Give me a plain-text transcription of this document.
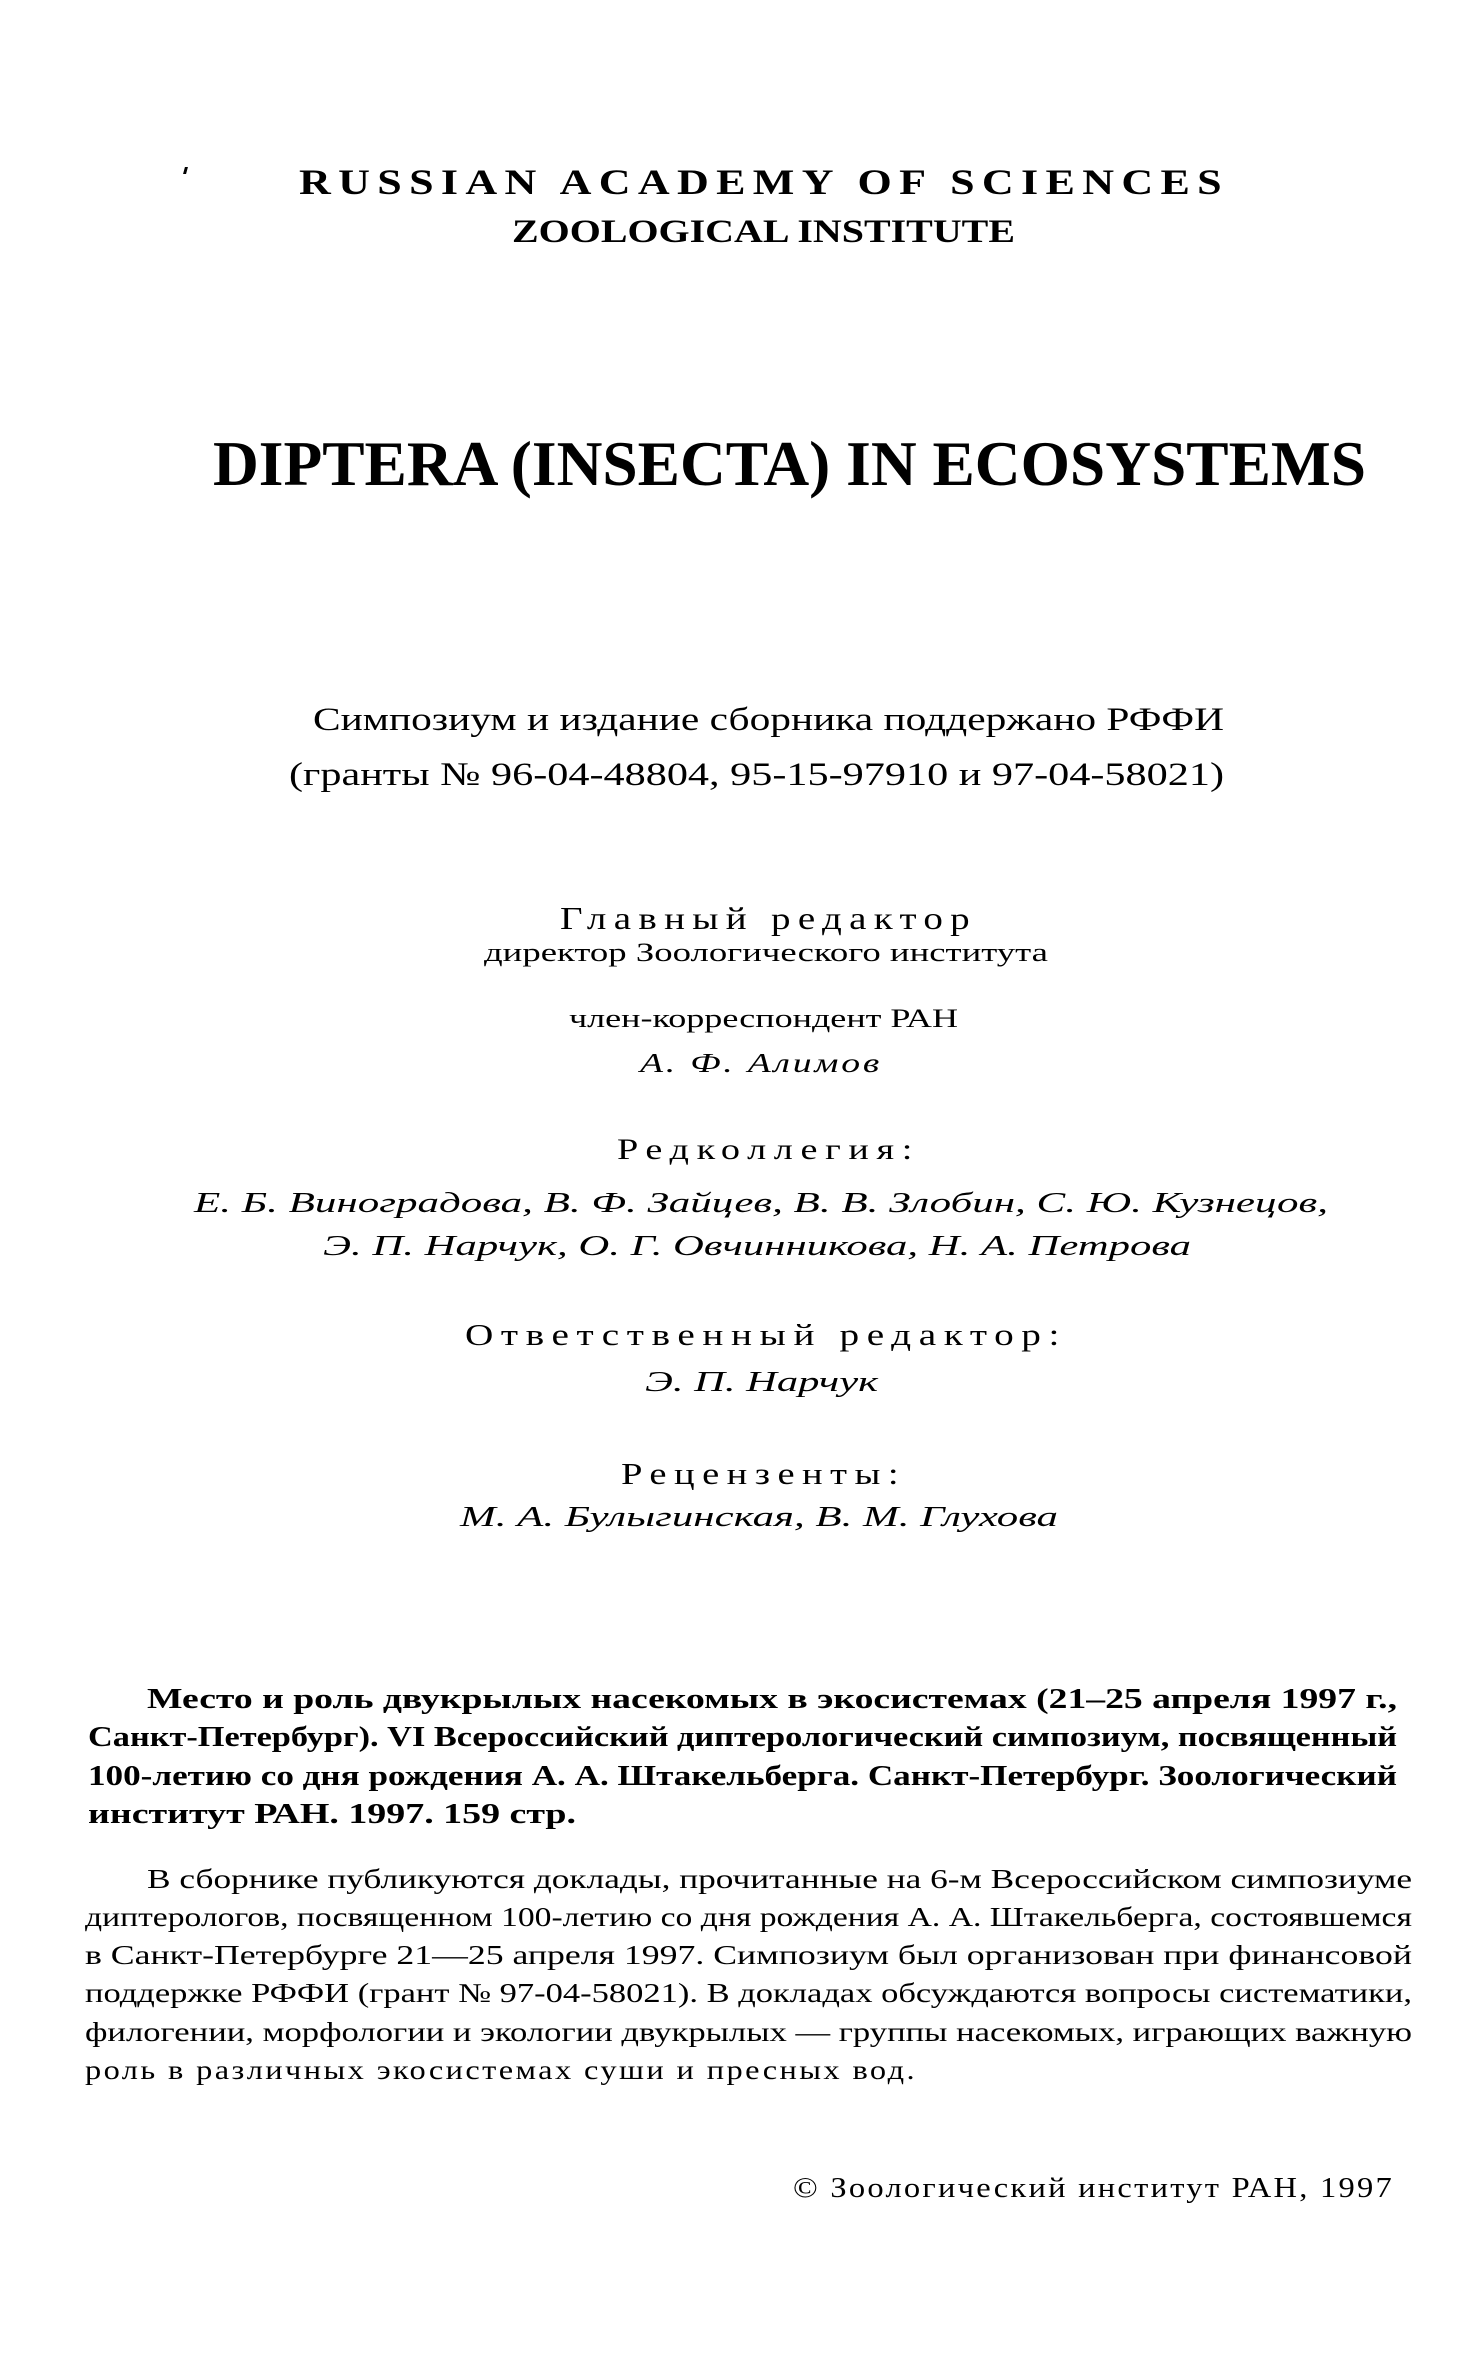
RUSSIAN ACADEMY OF SCIENCES
ZOOLOGICAL INSTITUTE
DIPTERA (INSECTA) IN ECOSYSTEMS
Симпозиум и издание сборника поддержано РФФИ
(гранты № 96-04-48804, 95-15-97910 и 97-04-58021)
Главный редактор
директор Зоологического института
член-корреспондент РАН
А. Ф. Алимов
Редколлегия:
Е. Б. Виноградова, В. Ф. Зайцев, В. В. Злобин, С. Ю. Кузнецов,
Э. П. Нарчук, О. Г. Овчинникова, Н. А. Петрова
Ответственный редактор:
Э. П. Нарчук
Рецензенты:
М. А. Булыгинская, В. М. Глухова
Место и роль двукрылых насекомых в экосистемах (21–25 апреля 1997 г.,
Санкт-Петербург). VI Всероссийский диптерологический симпозиум, посвященный
100-летию со дня рождения А. А. Штакельберга. Санкт-Петербург. Зоологический
институт РАН. 1997. 159 стр.
В сборнике публикуются доклады, прочитанные на 6-м Всероссийском симпозиуме
диптерологов, посвященном 100-летию со дня рождения А. А. Штакельберга, состоявшемся
в Санкт-Петербурге 21—25 апреля 1997. Симпозиум был организован при финансовой
поддержке РФФИ (грант № 97-04-58021). В докладах обсуждаются вопросы систематики,
филогении, морфологии и экологии двукрылых — группы насекомых, играющих важную
роль в различных экосистемах суши и пресных вод.
© Зоологический институт РАН, 1997
